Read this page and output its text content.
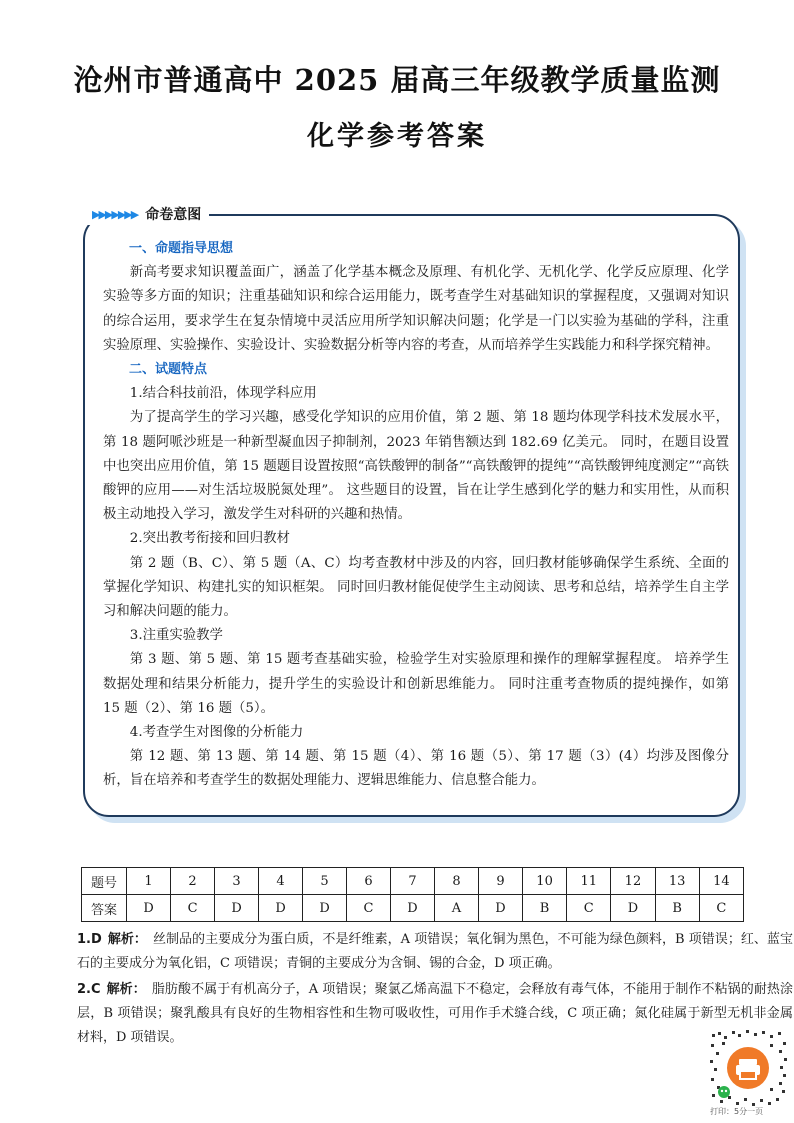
沧州市普通高中 2025 届高三年级教学质量监测
化学参考答案
▶▶▶▶▶▶▶ 命卷意图

一、命题指导思想

新高考要求知识覆盖面广，涵盖了化学基本概念及原理、有机化学、无机化学、化学反应原理、化学实验等多方面的知识；注重基础知识和综合运用能力，既考查学生对基础知识的掌握程度，又强调对知识的综合运用，要求学生在复杂情境中灵活应用所学知识解决问题；化学是一门以实验为基础的学科，注重实验原理、实验操作、实验设计、实验数据分析等内容的考查，从而培养学生实践能力和科学探究精神。

二、试题特点

1.结合科技前沿，体现学科应用

为了提高学生的学习兴趣，感受化学知识的应用价值，第 2 题、第 18 题均体现学科技术发展水平，第 18 题阿哌沙班是一种新型凝血因子抑制剂，2023 年销售额达到 182.69 亿美元。 同时，在题目设置中也突出应用价值，第 15 题题目设置按照“高铁酸钾的制备”“高铁酸钾的提纯”“高铁酸钾纯度测定”“高铁酸钾的应用——对生活垃圾脱氮处理”。 这些题目的设置，旨在让学生感到化学的魅力和实用性，从而积极主动地投入学习，激发学生对科研的兴趣和热情。

2.突出教考衔接和回归教材

第 2 题（B、C）、第 5 题（A、C）均考查教材中涉及的内容，回归教材能够确保学生系统、全面的掌握化学知识、构建扎实的知识框架。 同时回归教材能促使学生主动阅读、思考和总结，培养学生自主学习和解决问题的能力。

3.注重实验教学

第 3 题、第 5 题、第 15 题考查基础实验，检验学生对实验原理和操作的理解掌握程度。 培养学生数据处理和结果分析能力，提升学生的实验设计和创新思维能力。 同时注重考查物质的提纯操作，如第 15 题（2）、第 16 题（5）。

4.考查学生对图像的分析能力

第 12 题、第 13 题、第 14 题、第 15 题（4）、第 16 题（5）、第 17 题（3）(4）均涉及图像分析，旨在培养和考查学生的数据处理能力、逻辑思维能力、信息整合能力。

题号	1	2	3	4	5	6	7	8	9	10	11	12	13	14
答案	D	C	D	D	D	C	D	A	D	B	C	D	B	C

1.D 解析： 丝制品的主要成分为蛋白质，不是纤维素，A 项错误；氧化铜为黑色，不可能为绿色颜料，B 项错误；红、蓝宝石的主要成分为氧化铝，C 项错误；青铜的主要成分为含铜、锡的合金，D 项正确。

2.C 解析： 脂肪酸不属于有机高分子，A 项错误；聚氯乙烯高温下不稳定，会释放有毒气体，不能用于制作不粘锅的耐热涂层，B 项错误；聚乳酸具有良好的生物相容性和生物可吸收性，可用作手术缝合线，C 项正确；氮化硅属于新型无机非金属材料，D 项错误。

打印：5分一页
